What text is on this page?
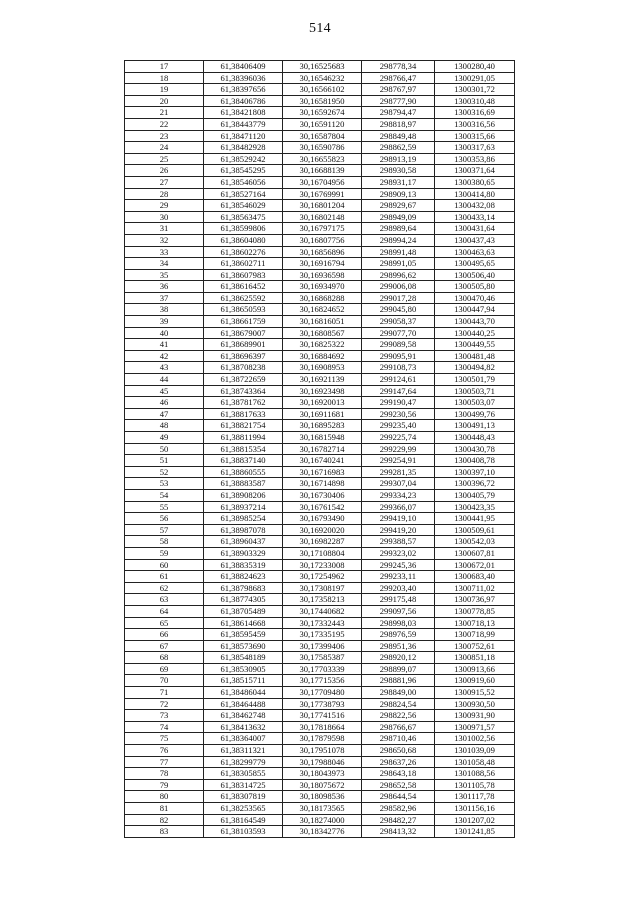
514
17	61,38406409	30,16525683	298778,34	1300280,40
18	61,38396036	30,16546232	298766,47	1300291,05
19	61,38397656	30,16566102	298767,97	1300301,72
20	61,38406786	30,16581950	298777,90	1300310,48
21	61,38421808	30,16592674	298794,47	1300316,69
22	61,38443779	30,16591120	298818,97	1300316,56
23	61,38471120	30,16587804	298849,48	1300315,66
24	61,38482928	30,16590786	298862,59	1300317,63
25	61,38529242	30,16655823	298913,19	1300353,86
26	61,38545295	30,16688139	298930,58	1300371,64
27	61,38546056	30,16704956	298931,17	1300380,65
28	61,38527164	30,16769991	298909,13	1300414,80
29	61,38546029	30,16801204	298929,67	1300432,08
30	61,38563475	30,16802148	298949,09	1300433,14
31	61,38599806	30,16797175	298989,64	1300431,64
32	61,38604080	30,16807756	298994,24	1300437,43
33	61,38602276	30,16856896	298991,48	1300463,63
34	61,38602711	30,16916794	298991,05	1300495,65
35	61,38607983	30,16936598	298996,62	1300506,40
36	61,38616452	30,16934970	299006,08	1300505,80
37	61,38625592	30,16868288	299017,28	1300470,46
38	61,38650593	30,16824652	299045,80	1300447,94
39	61,38661759	30,16816051	299058,37	1300443,70
40	61,38679007	30,16808567	299077,70	1300440,25
41	61,38689901	30,16825322	299089,58	1300449,55
42	61,38696397	30,16884692	299095,91	1300481,48
43	61,38708238	30,16908953	299108,73	1300494,82
44	61,38722659	30,16921139	299124,61	1300501,79
45	61,38743364	30,16923498	299147,64	1300503,71
46	61,38781762	30,16920013	299190,47	1300503,07
47	61,38817633	30,16911681	299230,56	1300499,76
48	61,38821754	30,16895283	299235,40	1300491,13
49	61,38811994	30,16815948	299225,74	1300448,43
50	61,38815354	30,16782714	299229,99	1300430,78
51	61,38837140	30,16740241	299254,91	1300408,78
52	61,38860555	30,16716983	299281,35	1300397,10
53	61,38883587	30,16714898	299307,04	1300396,72
54	61,38908206	30,16730406	299334,23	1300405,79
55	61,38937214	30,16761542	299366,07	1300423,35
56	61,38985254	30,16793490	299419,10	1300441,95
57	61,38987078	30,16920020	299419,20	1300509,61
58	61,38960437	30,16982287	299388,57	1300542,03
59	61,38903329	30,17108804	299323,02	1300607,81
60	61,38835319	30,17233008	299245,36	1300672,01
61	61,38824623	30,17254962	299233,11	1300683,40
62	61,38798683	30,17308197	299203,40	1300711,02
63	61,38774305	30,17358213	299175,48	1300736,97
64	61,38705489	30,17440682	299097,56	1300778,85
65	61,38614668	30,17332443	298998,03	1300718,13
66	61,38595459	30,17335195	298976,59	1300718,99
67	61,38573690	30,17399406	298951,36	1300752,61
68	61,38548189	30,17585387	298920,12	1300851,18
69	61,38530905	30,17703339	298899,07	1300913,66
70	61,38515711	30,17715356	298881,96	1300919,60
71	61,38486044	30,17709480	298849,00	1300915,52
72	61,38464488	30,17738793	298824,54	1300930,50
73	61,38462748	30,17741516	298822,56	1300931,90
74	61,38413632	30,17818664	298766,67	1300971,57
75	61,38364007	30,17879598	298710,46	1301002,56
76	61,38311321	30,17951078	298650,68	1301039,09
77	61,38299779	30,17988046	298637,26	1301058,48
78	61,38305855	30,18043973	298643,18	1301088,56
79	61,38314725	30,18075672	298652,58	1301105,78
80	61,38307819	30,18098536	298644,54	1301117,78
81	61,38253565	30,18173565	298582,96	1301156,16
82	61,38164549	30,18274000	298482,27	1301207,02
83	61,38103593	30,18342776	298413,32	1301241,85
